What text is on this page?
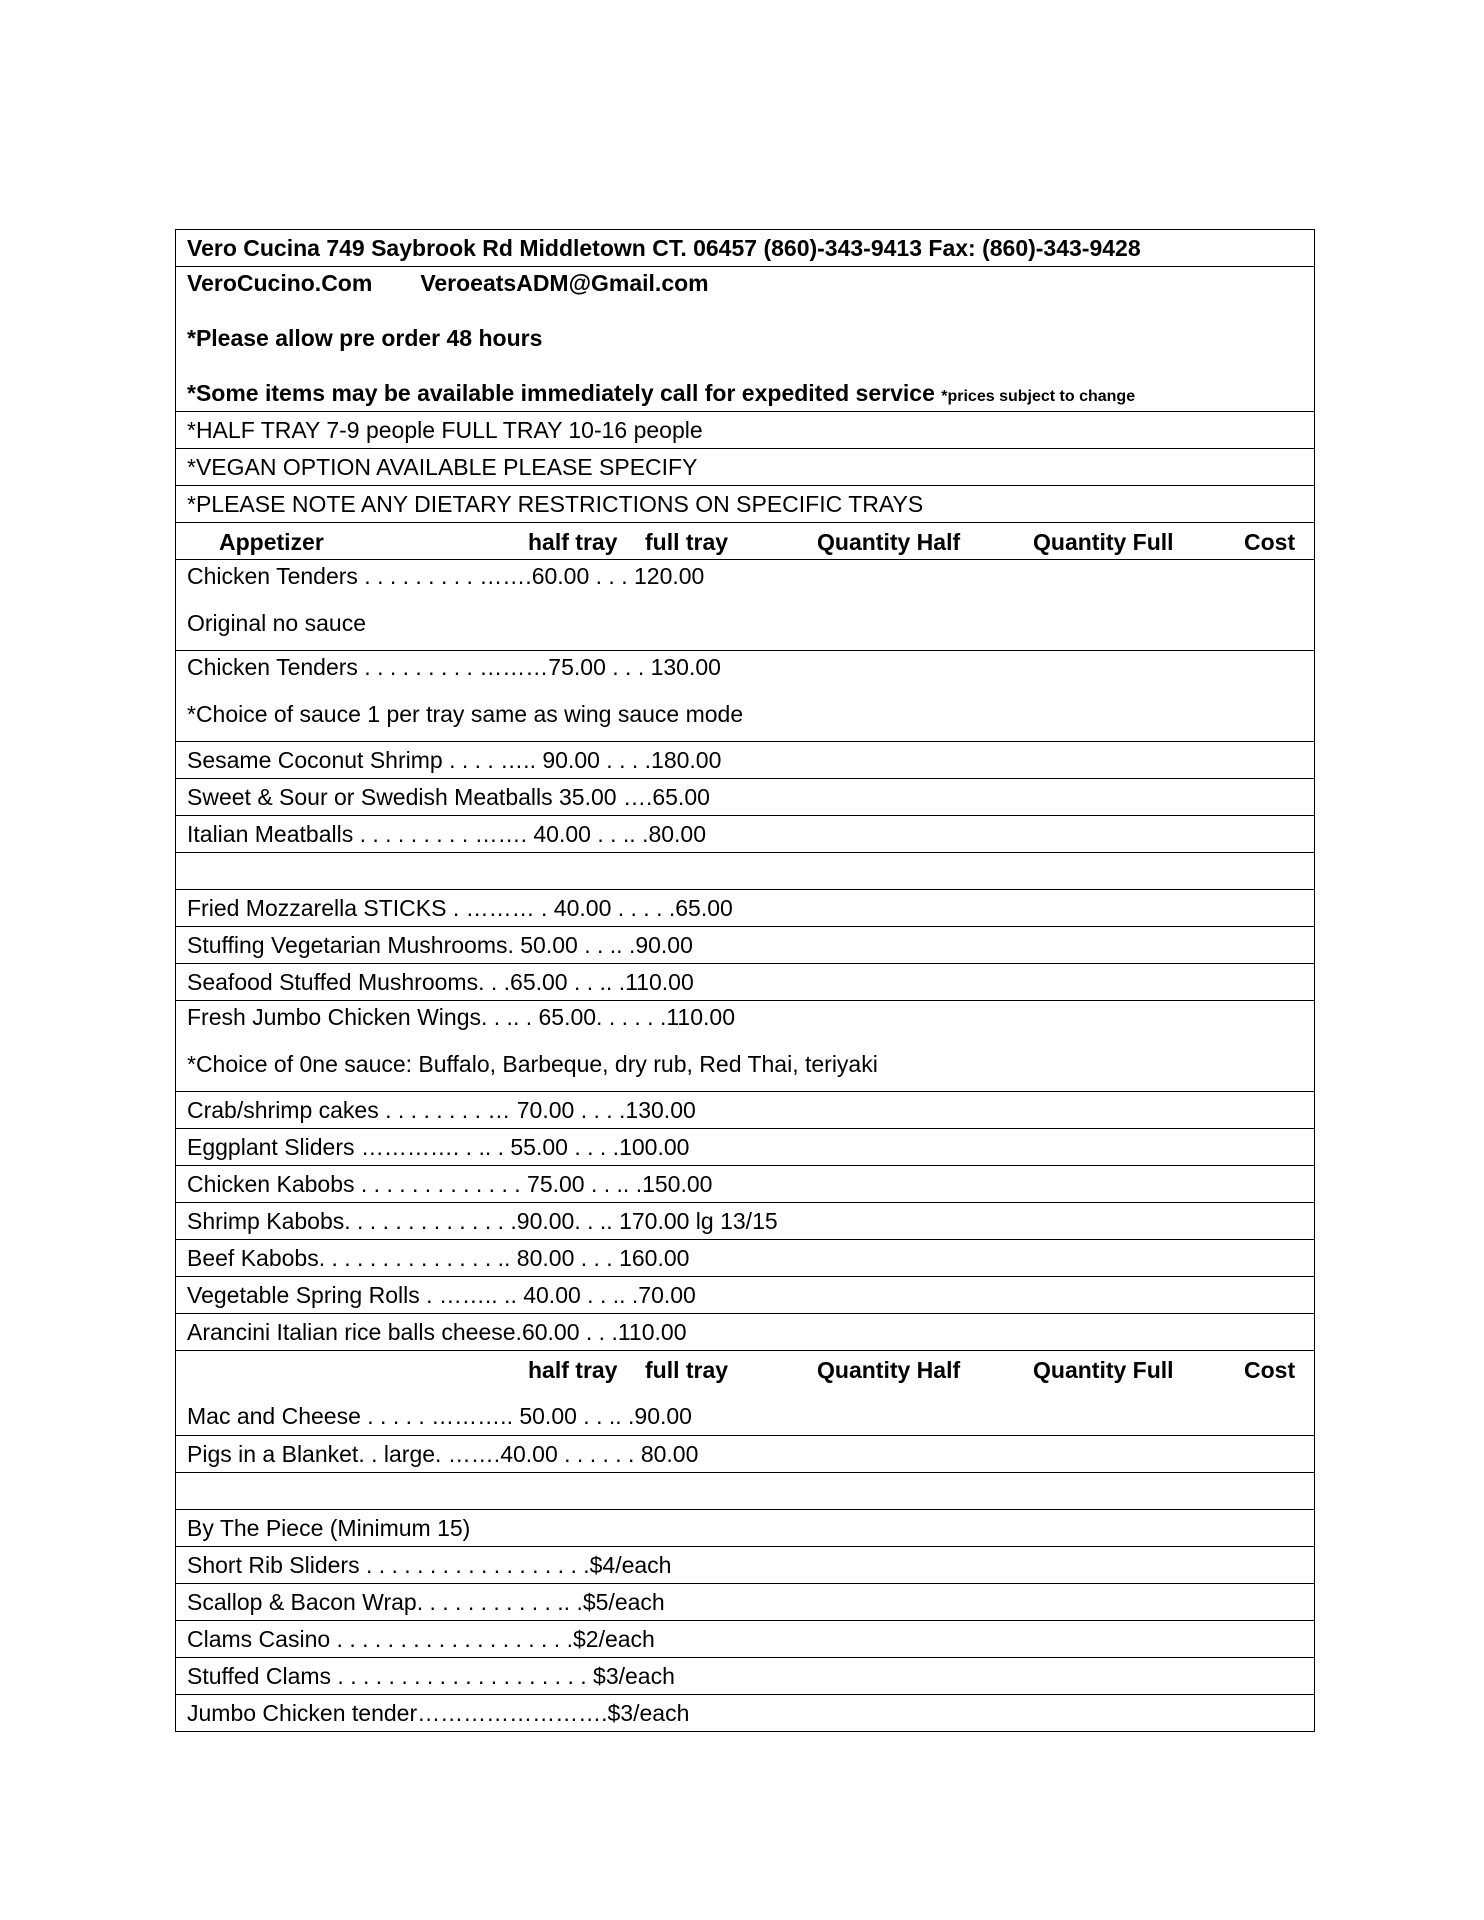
Vero Cucina 749 Saybrook Rd Middletown CT. 06457 (860)-343-9413 Fax: (860)-343-9428

VeroCucino.Com VeroeatsADM@Gmail.com
*Please allow pre order 48 hours
*Some items may be available immediately call for expedited service *prices subject to change

*HALF TRAY 7-9 people FULL TRAY 10-16 people
*VEGAN OPTION AVAILABLE PLEASE SPECIFY
*PLEASE NOTE ANY DIETARY RESTRICTIONS ON SPECIFIC TRAYS

Appetizer	half tray full tray	Quantity Half	Quantity Full	Cost

Chicken Tenders . . . . . . . . . …….60.00 . . . 120.00
Original no sauce

Chicken Tenders . . . . . . . . . ………75.00 . . . 130.00
*Choice of sauce 1 per tray same as wing sauce mode

Sesame Coconut Shrimp . . . . ….. 90.00 . . . .180.00
Sweet & Sour or Swedish Meatballs 35.00 ….65.00
Italian Meatballs . . . . . . . . . ……. 40.00 . . .. .80.00

Fried Mozzarella STICKS . ……… . 40.00 . . . . .65.00
Stuffing Vegetarian Mushrooms. 50.00 . . .. .90.00
Seafood Stuffed Mushrooms. . .65.00 . . .. .110.00

Fresh Jumbo Chicken Wings. . .. . 65.00. . . . . .110.00
*Choice of 0ne sauce: Buffalo, Barbeque, dry rub, Red Thai, teriyaki

Crab/shrimp cakes . . . . . . . . … 70.00 . . . .130.00
Eggplant Sliders …………. . .. . 55.00 . . . .100.00
Chicken Kabobs . . . . . . . . . . . . . 75.00 . . .. .150.00
Shrimp Kabobs. . . . . . . . . . . . . .90.00. . .. 170.00 lg 13/15
Beef Kabobs. . . . . . . . . . . . . . .. 80.00 . . . 160.00
Vegetable Spring Rolls . …….. .. 40.00 . . .. .70.00
Arancini Italian rice balls cheese.60.00 . . .110.00

half tray full tray	Quantity Half	Quantity Full	Cost
Mac and Cheese . . . . . ……….. 50.00 . . .. .90.00

Pigs in a Blanket. . large. …….40.00 . . . . . . 80.00

By The Piece (Minimum 15)
Short Rib Sliders . . . . . . . . . . . . . . . . . .$4/each
Scallop & Bacon Wrap. . . . . . . . . . . .. .$5/each
Clams Casino . . . . . . . . . . . . . . . . . . .$2/each
Stuffed Clams . . . . . . . . . . . . . . . . . . . . $3/each
Jumbo Chicken tender…………………….$3/each
